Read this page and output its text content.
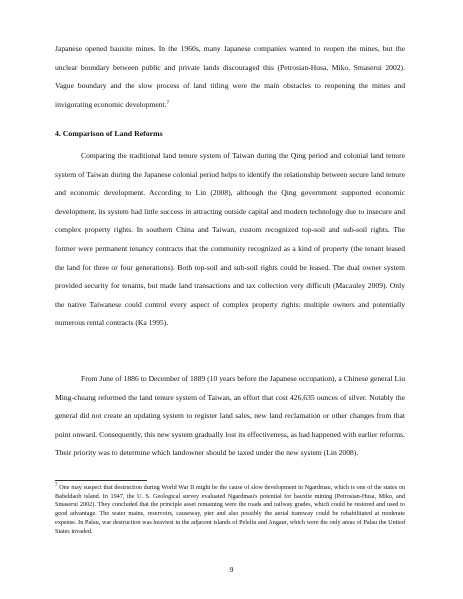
Japanese opened bauxite mines. In the 1960s, many Japanese companies wanted to reopen the mines, but the unclear boundary between public and private lands discouraged this (Petrosian-Husa, Miko, Smaserui 2002). Vague boundary and the slow process of land titling were the main obstacles to reopening the mines and invigorating economic development.$^7$

4. Comparison of Land Reforms

Comparing the traditional land tenure system of Taiwan during the Qing period and colonial land tenure system of Taiwan during the Japanese colonial period helps to identify the relationship between secure land tenure and economic development. According to Lin (2008), although the Qing government supported economic development, its system had little success in attracting outside capital and modern technology due to insecure and complex property rights. In southern China and Taiwan, custom recognized top-soil and sub-soil rights. The former were permanent tenancy contracts that the community recognized as a kind of property (the tenant leased the land for three or four generations). Both top-soil and sub-soil rights could be leased. The dual owner system provided security for tenants, but made land transactions and tax collection very difficult (Macauley 2009). Only the native Taiwanese could control every aspect of complex property rights: multiple owners and potentially numerous rental contracts (Ka 1995).

From June of 1886 to December of 1889 (10 years before the Japanese occupation), a Chinese general Liu Ming-chuang reformed the land tenure system of Taiwan, an effort that cost 426,635 ounces of silver. Notably the general did not create an updating system to register land sales, new land reclamation or other changes from that point onward. Consequently, this new system gradually lost its effectiveness, as had happened with earlier reforms. Their priority was to determine which landowner should be taxed under the new system (Lin 2008).

$^7$ One may suspect that destruction during World War II might be the cause of slow development in Ngardmau, which is one of the states on Babeldaob island. In 1947, the U. S. Geological survey evaluated Ngardmau's potential for bauxite mining (Petrosian-Husa, Miko, and Smaserui 2002). They concluded that the principle asset remaining were the roads and railway grades, which could be restored and used to good advantage. The water mains, reservoirs, causeway, pier and also possibly the aerial tramway could be rehabilitated at moderate expense. In Palau, war destruction was heaviest in the adjacent islands of Peleliu and Angaur, which were the only areas of Palau the United States invaded.

9
